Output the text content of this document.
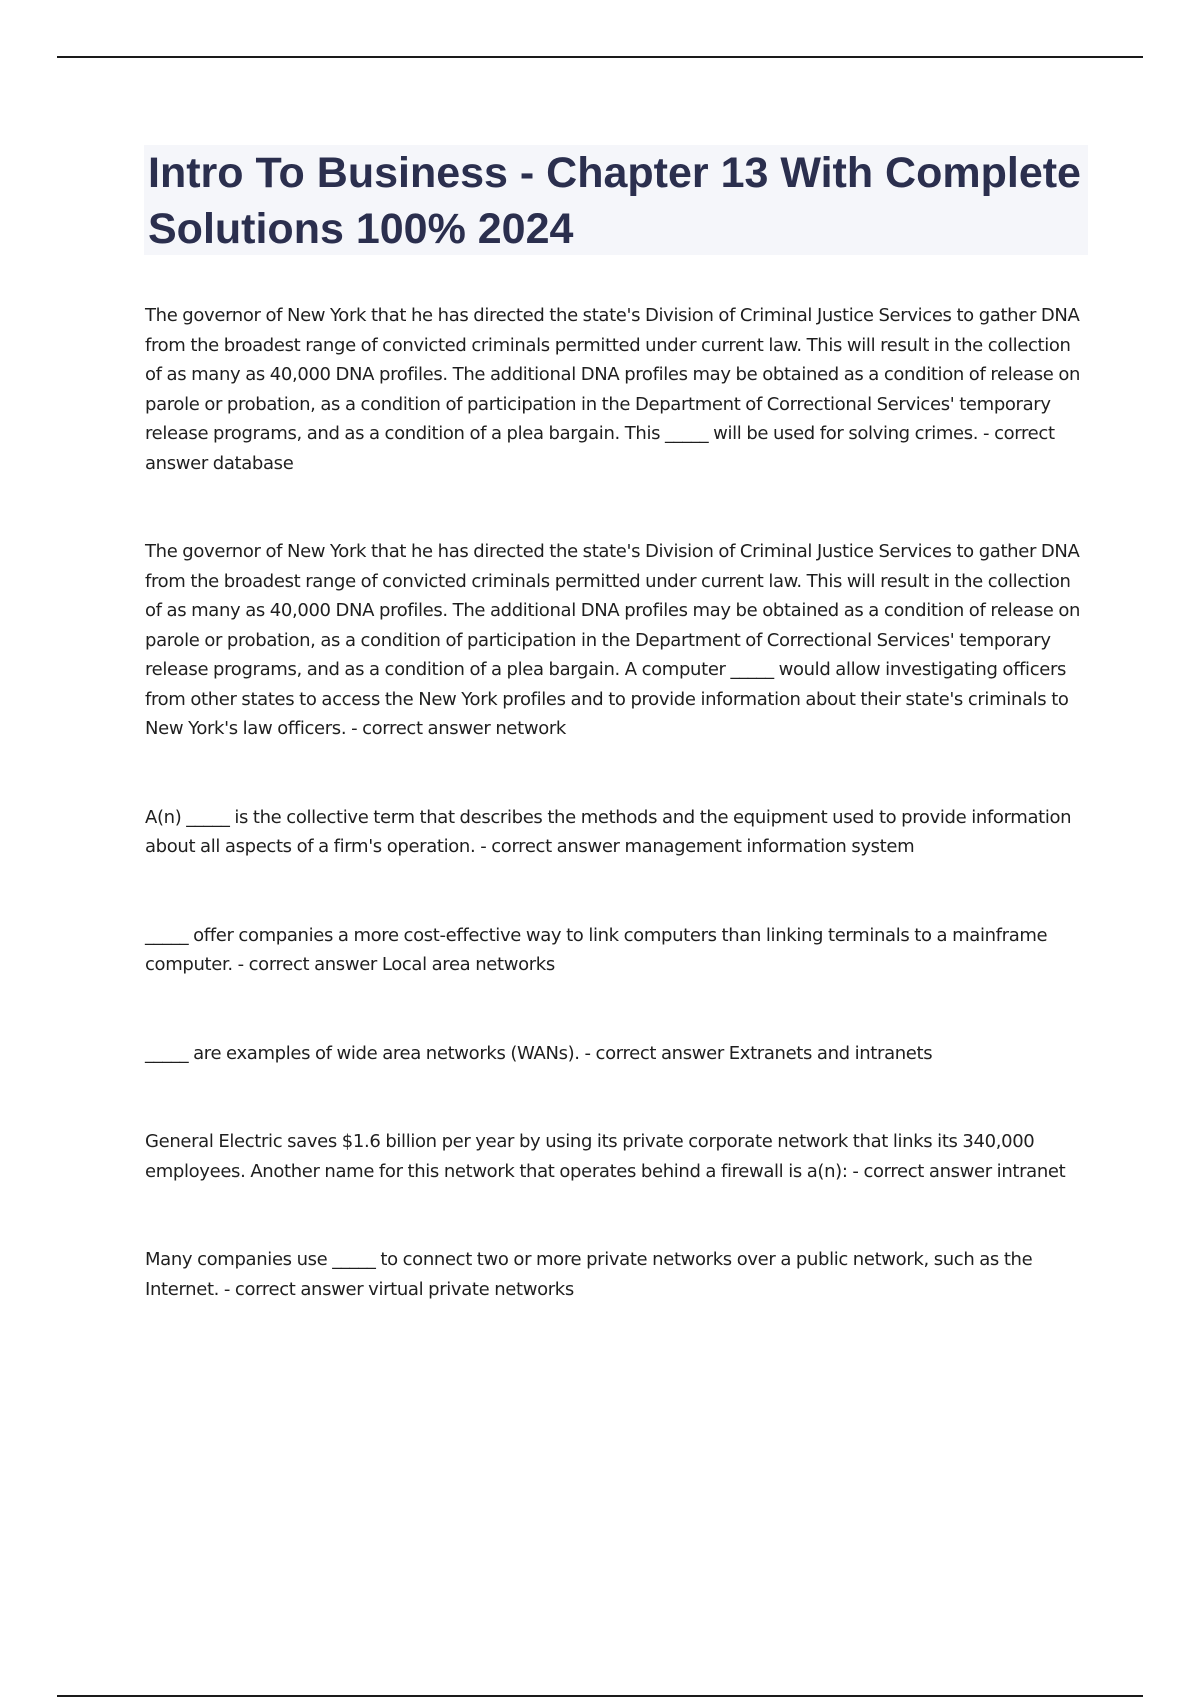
Intro To Business - Chapter 13 With Complete Solutions 100% 2024

The governor of New York that he has directed the state's Division of Criminal Justice Services to gather DNA from the broadest range of convicted criminals permitted under current law. This will result in the collection of as many as 40,000 DNA profiles. The additional DNA profiles may be obtained as a condition of release on parole or probation, as a condition of participation in the Department of Correctional Services' temporary release programs, and as a condition of a plea bargain. This _____ will be used for solving crimes. - correct answer database

The governor of New York that he has directed the state's Division of Criminal Justice Services to gather DNA from the broadest range of convicted criminals permitted under current law. This will result in the collection of as many as 40,000 DNA profiles. The additional DNA profiles may be obtained as a condition of release on parole or probation, as a condition of participation in the Department of Correctional Services' temporary release programs, and as a condition of a plea bargain. A computer _____ would allow investigating officers from other states to access the New York profiles and to provide information about their state's criminals to New York's law officers. - correct answer network

A(n) _____ is the collective term that describes the methods and the equipment used to provide information about all aspects of a firm's operation. - correct answer management information system

_____ offer companies a more cost-effective way to link computers than linking terminals to a mainframe computer. - correct answer Local area networks

_____ are examples of wide area networks (WANs). - correct answer Extranets and intranets

General Electric saves $1.6 billion per year by using its private corporate network that links its 340,000 employees. Another name for this network that operates behind a firewall is a(n): - correct answer intranet

Many companies use _____ to connect two or more private networks over a public network, such as the Internet. - correct answer virtual private networks
